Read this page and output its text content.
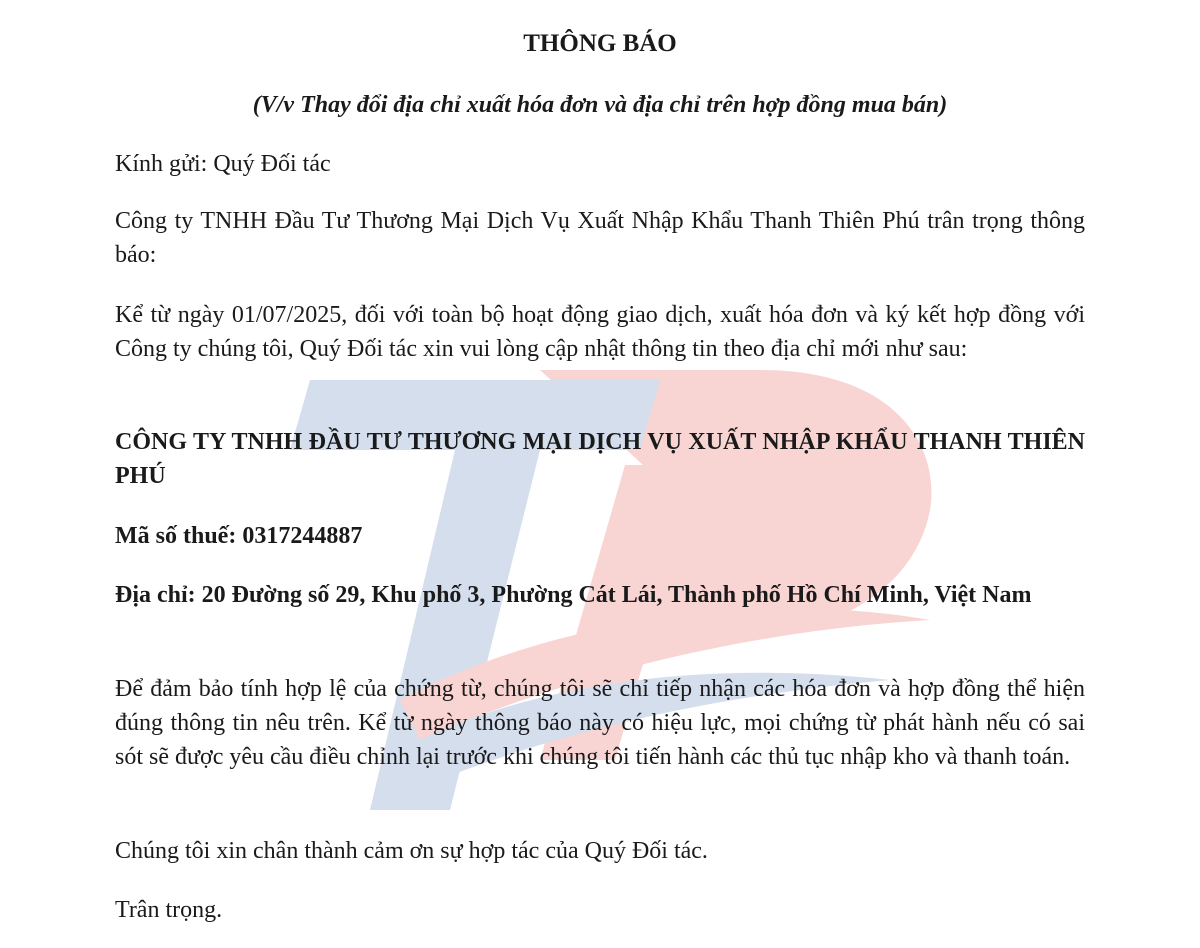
THÔNG BÁO
(V/v Thay đổi địa chỉ xuất hóa đơn và địa chỉ trên hợp đồng mua bán)

Kính gửi: Quý Đối tác

Công ty TNHH Đầu Tư Thương Mại Dịch Vụ Xuất Nhập Khẩu Thanh Thiên Phú trân trọng thông báo:

Kể từ ngày 01/07/2025, đối với toàn bộ hoạt động giao dịch, xuất hóa đơn và ký kết hợp đồng với Công ty chúng tôi, Quý Đối tác xin vui lòng cập nhật thông tin theo địa chỉ mới như sau:

CÔNG TY TNHH ĐẦU TƯ THƯƠNG MẠI DỊCH VỤ XUẤT NHẬP KHẨU THANH THIÊN PHÚ

Mã số thuế: 0317244887

Địa chỉ: 20 Đường số 29, Khu phố 3, Phường Cát Lái, Thành phố Hồ Chí Minh, Việt Nam

Để đảm bảo tính hợp lệ của chứng từ, chúng tôi sẽ chỉ tiếp nhận các hóa đơn và hợp đồng thể hiện đúng thông tin nêu trên. Kể từ ngày thông báo này có hiệu lực, mọi chứng từ phát hành nếu có sai sót sẽ được yêu cầu điều chỉnh lại trước khi chúng tôi tiến hành các thủ tục nhập kho và thanh toán.

Chúng tôi xin chân thành cảm ơn sự hợp tác của Quý Đối tác.

Trân trọng.
